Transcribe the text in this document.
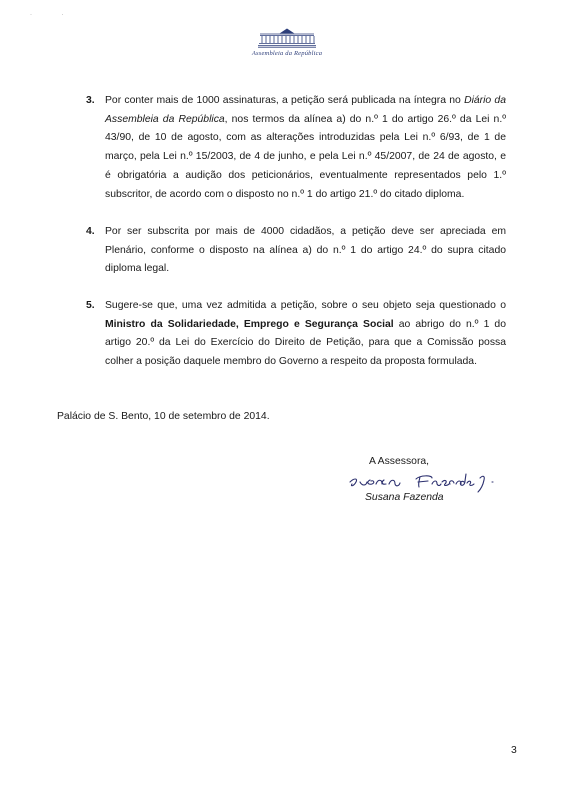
· ·
Assembleia da República
3. Por conter mais de 1000 assinaturas, a petição será publicada na íntegra no Diário da Assembleia da República, nos termos da alínea a) do n.º 1 do artigo 26.º da Lei n.º 43/90, de 10 de agosto, com as alterações introduzidas pela Lei n.º 6/93, de 1 de março, pela Lei n.º 15/2003, de 4 de junho, e pela Lei n.º 45/2007, de 24 de agosto, e é obrigatória a audição dos peticionários, eventualmente representados pelo 1.º subscritor, de acordo com o disposto no n.º 1 do artigo 21.º do citado diploma.
4. Por ser subscrita por mais de 4000 cidadãos, a petição deve ser apreciada em Plenário, conforme o disposto na alínea a) do n.º 1 do artigo 24.º do supra citado diploma legal.
5. Sugere-se que, uma vez admitida a petição, sobre o seu objeto seja questionado o Ministro da Solidariedade, Emprego e Segurança Social ao abrigo do n.º 1 do artigo 20.º da Lei do Exercício do Direito de Petição, para que a Comissão possa colher a posição daquele membro do Governo a respeito da proposta formulada.
Palácio de S. Bento, 10 de setembro de 2014.
A Assessora,
Susana Fazenda
3
